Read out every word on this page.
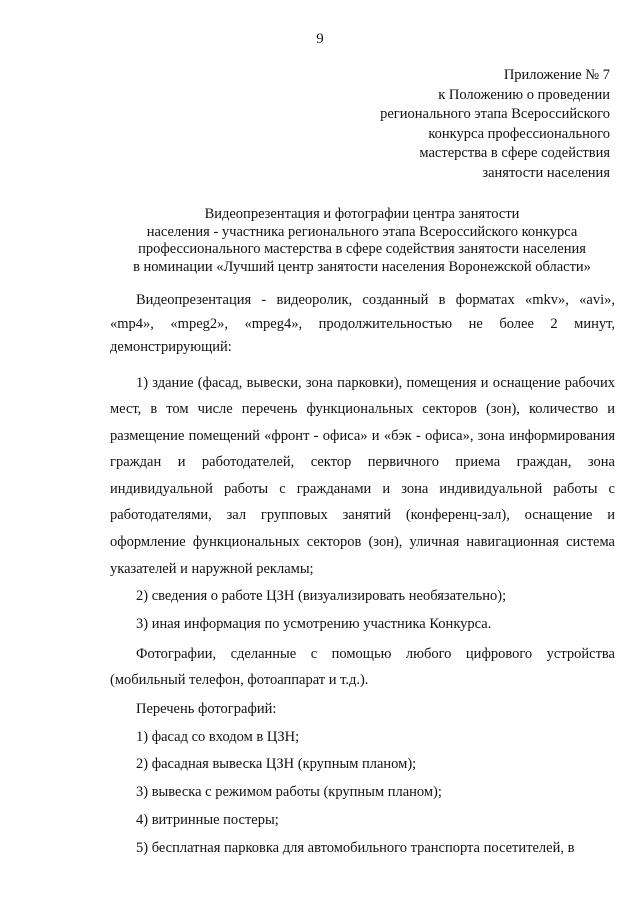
9
Приложение № 7
к Положению о проведении
регионального этапа Всероссийского
конкурса профессионального
мастерства в сфере содействия
занятости населения
Видеопрезентация и фотографии центра занятости
населения - участника регионального этапа Всероссийского конкурса
профессионального мастерства в сфере содействия занятости населения
в номинации «Лучший центр занятости населения Воронежской области»

Видеопрезентация - видеоролик, созданный в форматах «mkv», «avi», «mp4», «mpeg2», «mpeg4», продолжительностью не более 2 минут, демонстрирующий:

1) здание (фасад, вывески, зона парковки), помещения и оснащение рабочих мест, в том числе перечень функциональных секторов (зон), количество и размещение помещений «фронт - офиса» и «бэк - офиса», зона информирования граждан и работодателей, сектор первичного приема граждан, зона индивидуальной работы с гражданами и зона индивидуальной работы с работодателями, зал групповых занятий (конференц-зал), оснащение и оформление функциональных секторов (зон), уличная навигационная система указателей и наружной рекламы;

2) сведения о работе ЦЗН (визуализировать необязательно);
3) иная информация по усмотрению участника Конкурса.

Фотографии, сделанные с помощью любого цифрового устройства (мобильный телефон, фотоаппарат и т.д.).

Перечень фотографий:
1) фасад со входом в ЦЗН;
2) фасадная вывеска ЦЗН (крупным планом);
3) вывеска с режимом работы (крупным планом);
4) витринные постеры;
5) бесплатная парковка для автомобильного транспорта посетителей, в
